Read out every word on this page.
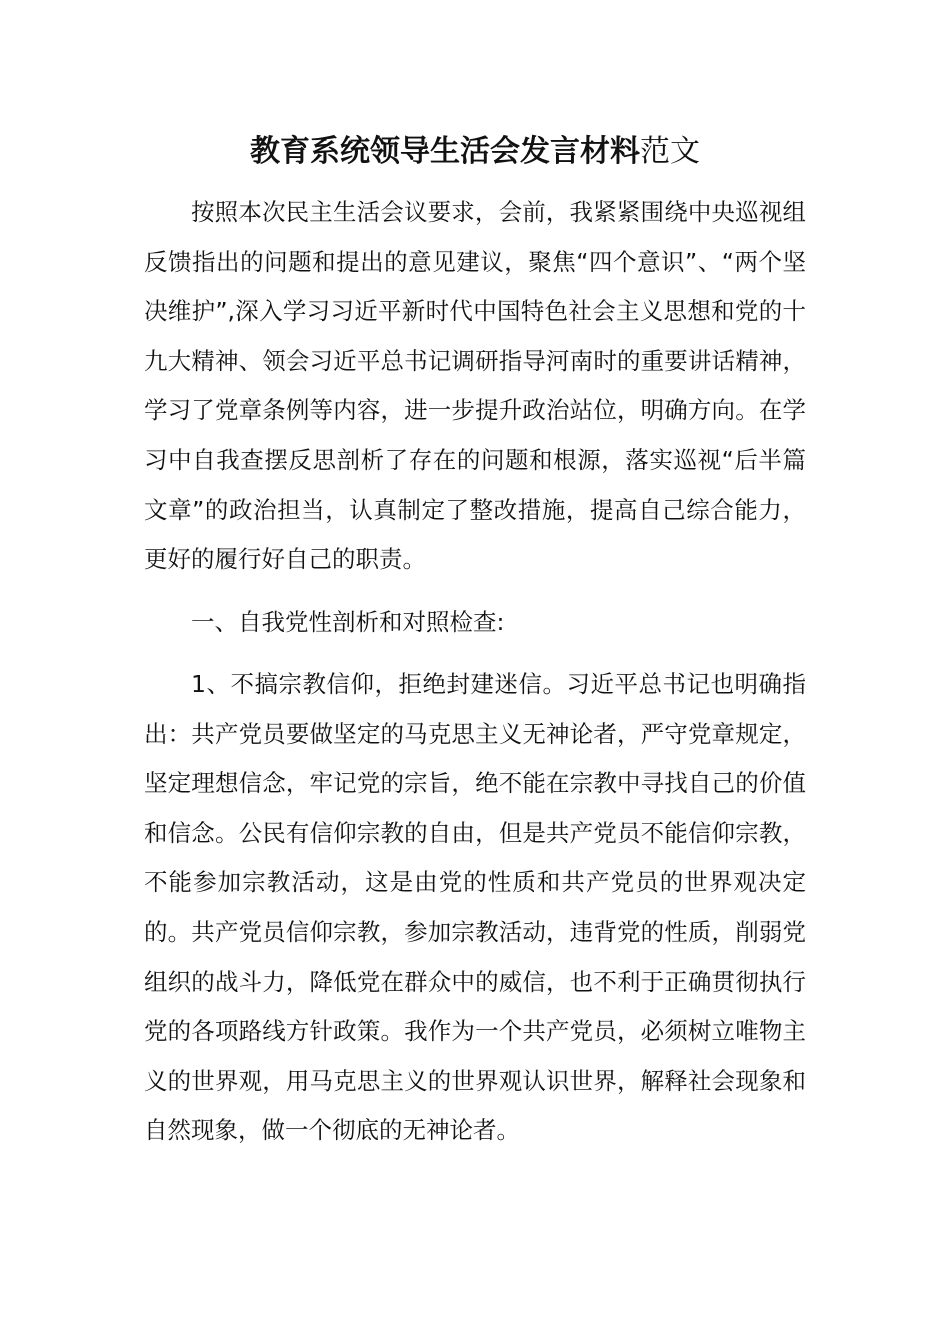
教育系统领导生活会发言材料范文

按照本次民主生活会议要求，会前，我紧紧围绕中央巡视组反馈指出的问题和提出的意见建议，聚焦“四个意识”、“两个坚决维护”,深入学习习近平新时代中国特色社会主义思想和党的十九大精神、领会习近平总书记调研指导河南时的重要讲话精神，学习了党章条例等内容，进一步提升政治站位，明确方向。在学习中自我查摆反思剖析了存在的问题和根源，落实巡视“后半篇文章”的政治担当，认真制定了整改措施，提高自己综合能力，更好的履行好自己的职责。

一、自我党性剖析和对照检查:

1、不搞宗教信仰，拒绝封建迷信。习近平总书记也明确指出：共产党员要做坚定的马克思主义无神论者，严守党章规定，坚定理想信念，牢记党的宗旨，绝不能在宗教中寻找自己的价值和信念。公民有信仰宗教的自由，但是共产党员不能信仰宗教，不能参加宗教活动，这是由党的性质和共产党员的世界观决定的。共产党员信仰宗教，参加宗教活动，违背党的性质，削弱党组织的战斗力，降低党在群众中的威信，也不利于正确贯彻执行党的各项路线方针政策。我作为一个共产党员，必须树立唯物主义的世界观，用马克思主义的世界观认识世界，解释社会现象和自然现象，做一个彻底的无神论者。
